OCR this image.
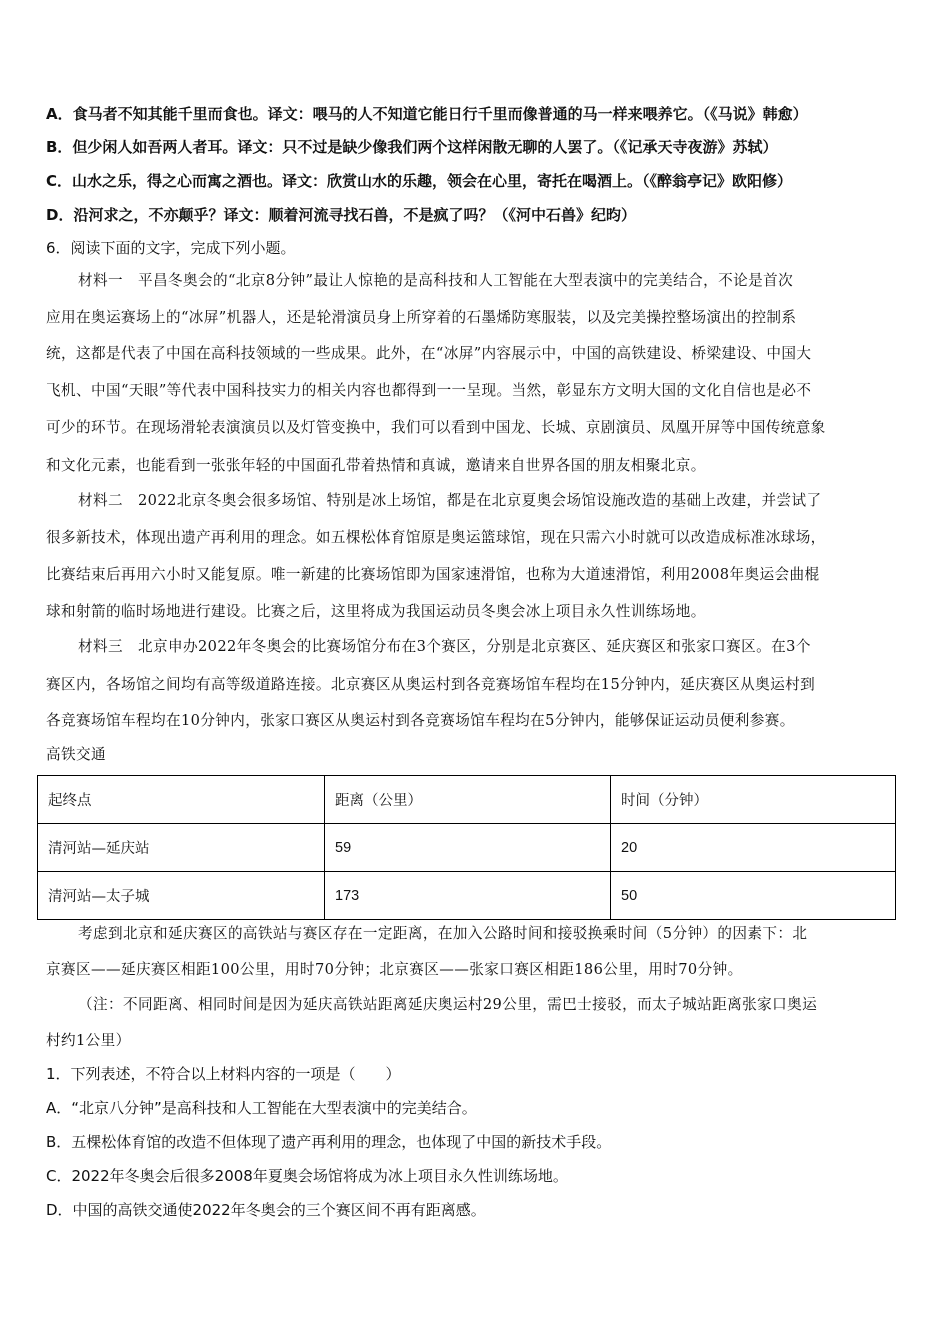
A．食马者不知其能千里而食也。译文：喂马的人不知道它能日行千里而像普通的马一样来喂养它。（《马说》韩愈）
B．但少闲人如吾两人者耳。译文：只不过是缺少像我们两个这样闲散无聊的人罢了。（《记承天寺夜游》苏轼）
C．山水之乐，得之心而寓之酒也。译文：欣赏山水的乐趣，领会在心里，寄托在喝酒上。（《醉翁亭记》欧阳修）
D．沿河求之，不亦颠乎？译文：顺着河流寻找石兽，不是疯了吗？（《河中石兽》纪昀）
6．阅读下面的文字，完成下列小题。
材料一　平昌冬奥会的“北京8分钟”最让人惊艳的是高科技和人工智能在大型表演中的完美结合，不论是首次
应用在奥运赛场上的“冰屏”机器人，还是轮滑演员身上所穿着的石墨烯防寒服装，以及完美操控整场演出的控制系
统，这都是代表了中国在高科技领域的一些成果。此外，在“冰屏”内容展示中，中国的高铁建设、桥梁建设、中国大
飞机、中国“天眼”等代表中国科技实力的相关内容也都得到一一呈现。当然，彰显东方文明大国的文化自信也是必不
可少的环节。在现场滑轮表演演员以及灯管变换中，我们可以看到中国龙、长城、京剧演员、凤凰开屏等中国传统意象
和文化元素，也能看到一张张年轻的中国面孔带着热情和真诚，邀请来自世界各国的朋友相聚北京。
材料二　2022北京冬奥会很多场馆、特别是冰上场馆，都是在北京夏奥会场馆设施改造的基础上改建，并尝试了
很多新技术，体现出遗产再利用的理念。如五棵松体育馆原是奥运篮球馆，现在只需六小时就可以改造成标准冰球场，
比赛结束后再用六小时又能复原。唯一新建的比赛场馆即为国家速滑馆，也称为大道速滑馆，利用2008年奥运会曲棍
球和射箭的临时场地进行建设。比赛之后，这里将成为我国运动员冬奥会冰上项目永久性训练场地。
材料三　北京申办2022年冬奥会的比赛场馆分布在3个赛区，分别是北京赛区、延庆赛区和张家口赛区。在3个
赛区内，各场馆之间均有高等级道路连接。北京赛区从奥运村到各竞赛场馆车程均在15分钟内，延庆赛区从奥运村到
各竞赛场馆车程均在10分钟内，张家口赛区从奥运村到各竞赛场馆车程均在5分钟内，能够保证运动员便利参赛。
高铁交通
起终点	距离（公里）	时间（分钟）
清河站—延庆站	59	20
清河站—太子城	173	50
考虑到北京和延庆赛区的高铁站与赛区存在一定距离，在加入公路时间和接驳换乘时间（5分钟）的因素下：北
京赛区——延庆赛区相距100公里，用时70分钟；北京赛区——张家口赛区相距186公里，用时70分钟。
（注：不同距离、相同时间是因为延庆高铁站距离延庆奥运村29公里，需巴士接驳，而太子城站距离张家口奥运
村约1公里）
1．下列表述，不符合以上材料内容的一项是（　　）
A．“北京八分钟”是高科技和人工智能在大型表演中的完美结合。
B．五棵松体育馆的改造不但体现了遗产再利用的理念，也体现了中国的新技术手段。
C．2022年冬奥会后很多2008年夏奥会场馆将成为冰上项目永久性训练场地。
D．中国的高铁交通使2022年冬奥会的三个赛区间不再有距离感。
